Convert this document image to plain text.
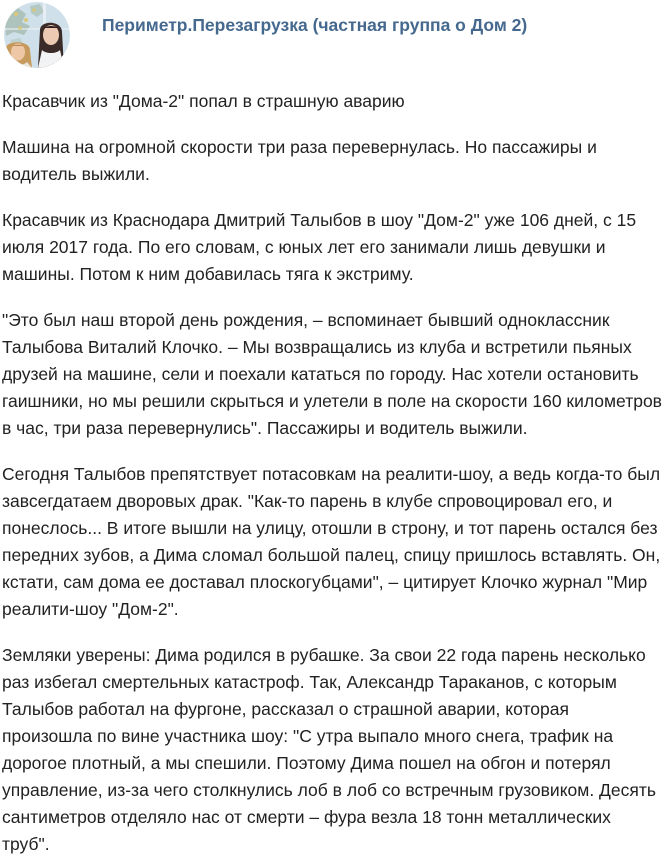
Периметр.Перезагрузка (частная группа о Дом 2)

Красавчик из "Дома-2" попал в страшную аварию

Машина на огромной скорости три раза перевернулась. Но пассажиры и водитель выжили.

Красавчик из Краснодара Дмитрий Талыбов в шоу "Дом-2" уже 106 дней, с 15 июля 2017 года. По его словам, с юных лет его занимали лишь девушки и машины. Потом к ним добавилась тяга к экстриму.

"Это был наш второй день рождения, – вспоминает бывший одноклассник Талыбова Виталий Клочко. – Мы возвращались из клуба и встретили пьяных друзей на машине, сели и поехали кататься по городу. Нас хотели остановить гаишники, но мы решили скрыться и улетели в поле на скорости 160 километров в час, три раза перевернулись". Пассажиры и водитель выжили.

Сегодня Талыбов препятствует потасовкам на реалити-шоу, а ведь когда-то был завсегдатаем дворовых драк. "Как-то парень в клубе спровоцировал его, и понеслось... В итоге вышли на улицу, отошли в строну, и тот парень остался без передних зубов, а Дима сломал большой палец, спицу пришлось вставлять. Он, кстати, сам дома ее доставал плоскогубцами", – цитирует Клочко журнал "Мир реалити-шоу "Дом-2".

Земляки уверены: Дима родился в рубашке. За свои 22 года парень несколько раз избегал смертельных катастроф. Так, Александр Тараканов, с которым Талыбов работал на фургоне, рассказал о страшной аварии, которая произошла по вине участника шоу: "С утра выпало много снега, трафик на дорогое плотный, а мы спешили. Поэтому Дима пошел на обгон и потерял управление, из-за чего столкнулись лоб в лоб со встречным грузовиком. Десять сантиметров отделяло нас от смерти – фура везла 18 тонн металлических труб".
